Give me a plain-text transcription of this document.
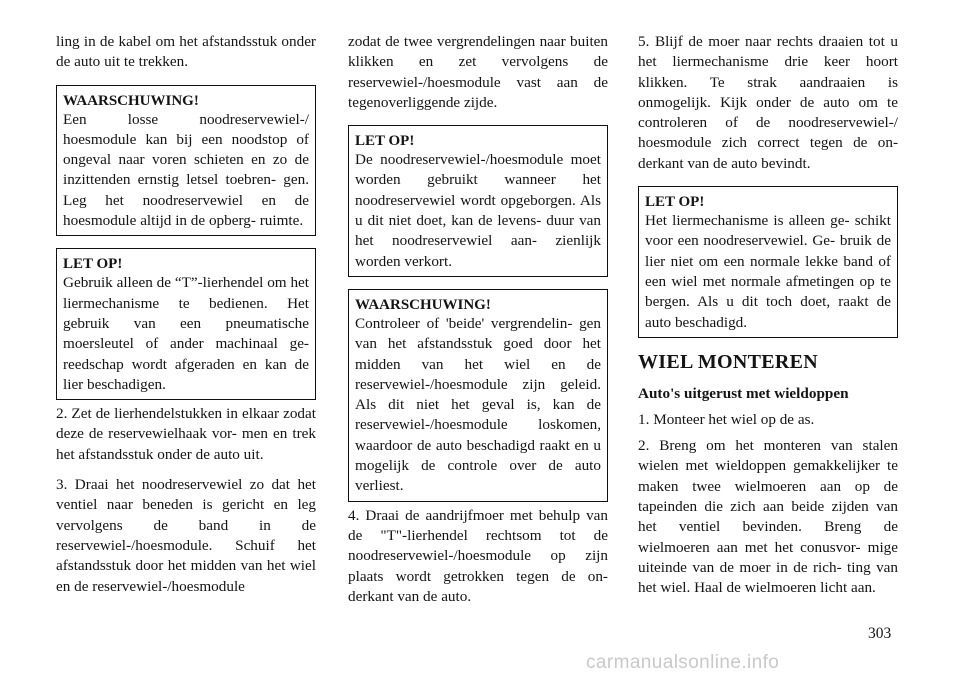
ling in de kabel om het afstandsstuk onder de auto uit te trekken.

WAARSCHUWING!
Een losse noodreservewiel-/ hoesmodule kan bij een noodstop of ongeval naar voren schieten en zo de inzittenden ernstig letsel toebren- gen. Leg het noodreservewiel en de hoesmodule altijd in de opberg- ruimte.
LET OP!
Gebruik alleen de “T”-lierhendel om het liermechanisme te bedienen. Het gebruik van een pneumatische moersleutel of ander machinaal ge- reedschap wordt afgeraden en kan de lier beschadigen.

2. Zet de lierhendelstukken in elkaar zodat deze de reservewielhaak vor- men en trek het afstandsstuk onder de auto uit.

3. Draai het noodreservewiel zo dat het ventiel naar beneden is gericht en leg vervolgens de band in de reservewiel-/hoesmodule. Schuif het afstandsstuk door het midden van het wiel en de reservewiel-/hoesmodule

zodat de twee vergrendelingen naar buiten klikken en zet vervolgens de reservewiel-/hoesmodule vast aan de tegenoverliggende zijde.

LET OP!
De noodreservewiel-/hoesmodule moet worden gebruikt wanneer het noodreservewiel wordt opgeborgen. Als u dit niet doet, kan de levens- duur van het noodreservewiel aan- zienlijk worden verkort.
WAARSCHUWING!
Controleer of 'beide' vergrendelin- gen van het afstandsstuk goed door het midden van het wiel en de reservewiel-/hoesmodule zijn geleid. Als dit niet het geval is, kan de reservewiel-/hoesmodule loskomen, waardoor de auto beschadigd raakt en u mogelijk de controle over de auto verliest.

4. Draai de aandrijfmoer met behulp van de "T"-lierhendel rechtsom tot de noodreservewiel-/hoesmodule op zijn plaats wordt getrokken tegen de on- derkant van de auto.

5. Blijf de moer naar rechts draaien tot u het liermechanisme drie keer hoort klikken. Te strak aandraaien is onmogelijk. Kijk onder de auto om te controleren of de noodreservewiel-/ hoesmodule zich correct tegen de on- derkant van de auto bevindt.

LET OP!
Het liermechanisme is alleen ge- schikt voor een noodreservewiel. Ge- bruik de lier niet om een normale lekke band of een wiel met normale afmetingen op te bergen. Als u dit toch doet, raakt de auto beschadigd.
WIEL MONTEREN
Auto's uitgerust met wieldoppen

1. Monteer het wiel op de as.

2. Breng om het monteren van stalen wielen met wieldoppen gemakkelijker te maken twee wielmoeren aan op de tapeinden die zich aan beide zijden van het ventiel bevinden. Breng de wielmoeren aan met het conusvor- mige uiteinde van de moer in de rich- ting van het wiel. Haal de wielmoeren licht aan.

303
carmanualsonline.info
